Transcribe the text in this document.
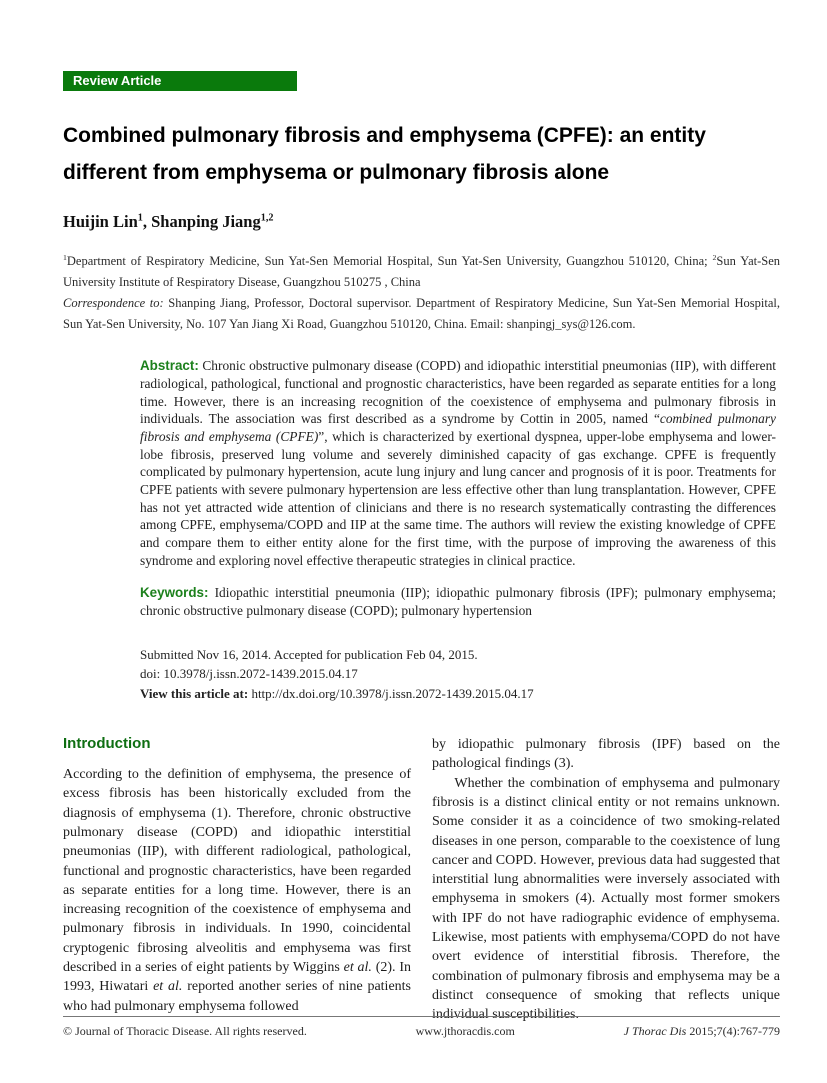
Review Article
Combined pulmonary fibrosis and emphysema (CPFE): an entity
different from emphysema or pulmonary fibrosis alone

Huijin Lin$^1$, Shanping Jiang$^{1,2}$

$^1$Department of Respiratory Medicine, Sun Yat-Sen Memorial Hospital, Sun Yat-Sen University, Guangzhou 510120, China; $^2$Sun Yat-Sen University Institute of Respiratory Disease, Guangzhou 510275 , China

Correspondence to: Shanping Jiang, Professor, Doctoral supervisor. Department of Respiratory Medicine, Sun Yat-Sen Memorial Hospital, Sun Yat-Sen University, No. 107 Yan Jiang Xi Road, Guangzhou 510120, China. Email: shanpingj_sys@126.com.

Abstract: Chronic obstructive pulmonary disease (COPD) and idiopathic interstitial pneumonias (IIP), with different radiological, pathological, functional and prognostic characteristics, have been regarded as separate entities for a long time. However, there is an increasing recognition of the coexistence of emphysema and pulmonary fibrosis in individuals. The association was first described as a syndrome by Cottin in 2005, named “combined pulmonary fibrosis and emphysema (CPFE)”, which is characterized by exertional dyspnea, upper-lobe emphysema and lower-lobe fibrosis, preserved lung volume and severely diminished capacity of gas exchange. CPFE is frequently complicated by pulmonary hypertension, acute lung injury and lung cancer and prognosis of it is poor. Treatments for CPFE patients with severe pulmonary hypertension are less effective other than lung transplantation. However, CPFE has not yet attracted wide attention of clinicians and there is no research systematically contrasting the differences among CPFE, emphysema/COPD and IIP at the same time. The authors will review the existing knowledge of CPFE and compare them to either entity alone for the first time, with the purpose of improving the awareness of this syndrome and exploring novel effective therapeutic strategies in clinical practice.

Keywords: Idiopathic interstitial pneumonia (IIP); idiopathic pulmonary fibrosis (IPF); pulmonary emphysema; chronic obstructive pulmonary disease (COPD); pulmonary hypertension

Submitted Nov 16, 2014. Accepted for publication Feb 04, 2015.

doi: 10.3978/j.issn.2072-1439.2015.04.17

View this article at: http://dx.doi.org/10.3978/j.issn.2072-1439.2015.04.17

Introduction

According to the definition of emphysema, the presence of excess fibrosis has been historically excluded from the diagnosis of emphysema (1). Therefore, chronic obstructive pulmonary disease (COPD) and idiopathic interstitial pneumonias (IIP), with different radiological, pathological, functional and prognostic characteristics, have been regarded as separate entities for a long time. However, there is an increasing recognition of the coexistence of emphysema and pulmonary fibrosis in individuals. In 1990, coincidental cryptogenic fibrosing alveolitis and emphysema was first described in a series of eight patients by Wiggins et al. (2). In 1993, Hiwatari et al. reported another series of nine patients who had pulmonary emphysema followed

by idiopathic pulmonary fibrosis (IPF) based on the pathological findings (3).

Whether the combination of emphysema and pulmonary fibrosis is a distinct clinical entity or not remains unknown. Some consider it as a coincidence of two smoking-related diseases in one person, comparable to the coexistence of lung cancer and COPD. However, previous data had suggested that interstitial lung abnormalities were inversely associated with emphysema in smokers (4). Actually most former smokers with IPF do not have radiographic evidence of emphysema. Likewise, most patients with emphysema/COPD do not have overt evidence of interstitial fibrosis. Therefore, the combination of pulmonary fibrosis and emphysema may be a distinct consequence of smoking that reflects unique individual susceptibilities.

© Journal of Thoracic Disease. All rights reserved.	www.jthoracdis.com	J Thorac Dis 2015;7(4):767-779
